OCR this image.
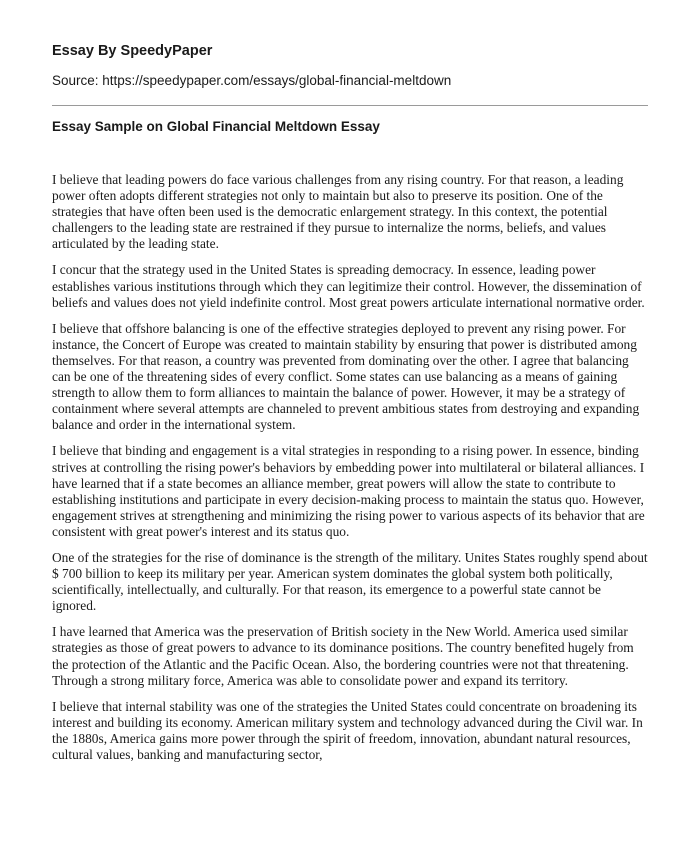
Essay By SpeedyPaper
Source: https://speedypaper.com/essays/global-financial-meltdown
Essay Sample on Global Financial Meltdown Essay

I believe that leading powers do face various challenges from any rising country. For that reason, a leading power often adopts different strategies not only to maintain but also to preserve its position. One of the strategies that have often been used is the democratic enlargement strategy. In this context, the potential challengers to the leading state are restrained if they pursue to internalize the norms, beliefs, and values articulated by the leading state.

I concur that the strategy used in the United States is spreading democracy. In essence, leading power establishes various institutions through which they can legitimize their control. However, the dissemination of beliefs and values does not yield indefinite control. Most great powers articulate international normative order.

I believe that offshore balancing is one of the effective strategies deployed to prevent any rising power. For instance, the Concert of Europe was created to maintain stability by ensuring that power is distributed among themselves. For that reason, a country was prevented from dominating over the other. I agree that balancing can be one of the threatening sides of every conflict. Some states can use balancing as a means of gaining strength to allow them to form alliances to maintain the balance of power. However, it may be a strategy of containment where several attempts are channeled to prevent ambitious states from destroying and expanding balance and order in the international system.

I believe that binding and engagement is a vital strategies in responding to a rising power. In essence, binding strives at controlling the rising power's behaviors by embedding power into multilateral or bilateral alliances. I have learned that if a state becomes an alliance member, great powers will allow the state to contribute to establishing institutions and participate in every decision-making process to maintain the status quo. However, engagement strives at strengthening and minimizing the rising power to various aspects of its behavior that are consistent with great power's interest and its status quo.

One of the strategies for the rise of dominance is the strength of the military. Unites States roughly spend about $ 700 billion to keep its military per year. American system dominates the global system both politically, scientifically, intellectually, and culturally. For that reason, its emergence to a powerful state cannot be ignored.

I have learned that America was the preservation of British society in the New World. America used similar strategies as those of great powers to advance to its dominance positions. The country benefited hugely from the protection of the Atlantic and the Pacific Ocean. Also, the bordering countries were not that threatening. Through a strong military force, America was able to consolidate power and expand its territory.

I believe that internal stability was one of the strategies the United States could concentrate on broadening its interest and building its economy. American military system and technology advanced during the Civil war. In the 1880s, America gains more power through the spirit of freedom, innovation, abundant natural resources, cultural values, banking and manufacturing sector,
